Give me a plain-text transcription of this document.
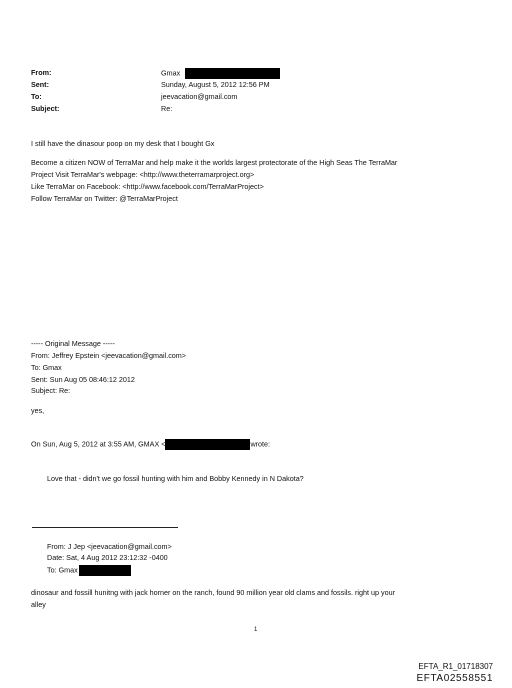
From:
Sent:
To:
Subject:
Gmax
Sunday, August 5, 2012 12:56 PM
jeevacation@gmail.com
Re:
I still have the dinasour poop on my desk that I bought Gx
Become a citizen NOW of TerraMar and help make it the worlds largest protectorate of the High Seas The TerraMar
Project Visit TerraMar's webpage: <http://www.theterramarproject.org>
Like TerraMar on Facebook: <http://www.facebook.com/TerraMarProject>
Follow TerraMar on Twitter: @TerraMarProject
----- Original Message -----
From: Jeffrey Epstein <jeevacation@gmail.com>
To: Gmax
Sent: Sun Aug 05 08:46:12 2012
Subject: Re:
yes,
On Sun, Aug 5, 2012 at 3:55 AM, GMAX <	wrote:
Love that - didn't we go fossil hunting with him and Bobby Kennedy in N Dakota?
From: J Jep <jeevacation@gmail.com>
Date: Sat, 4 Aug 2012 23:12:32 -0400
To: Gmax
dinosaur and fossill hunitng with jack horner on the ranch, found 90 million year old clams and fossils. right up your
alley
1
EFTA_R1_01718307
EFTA02558551
